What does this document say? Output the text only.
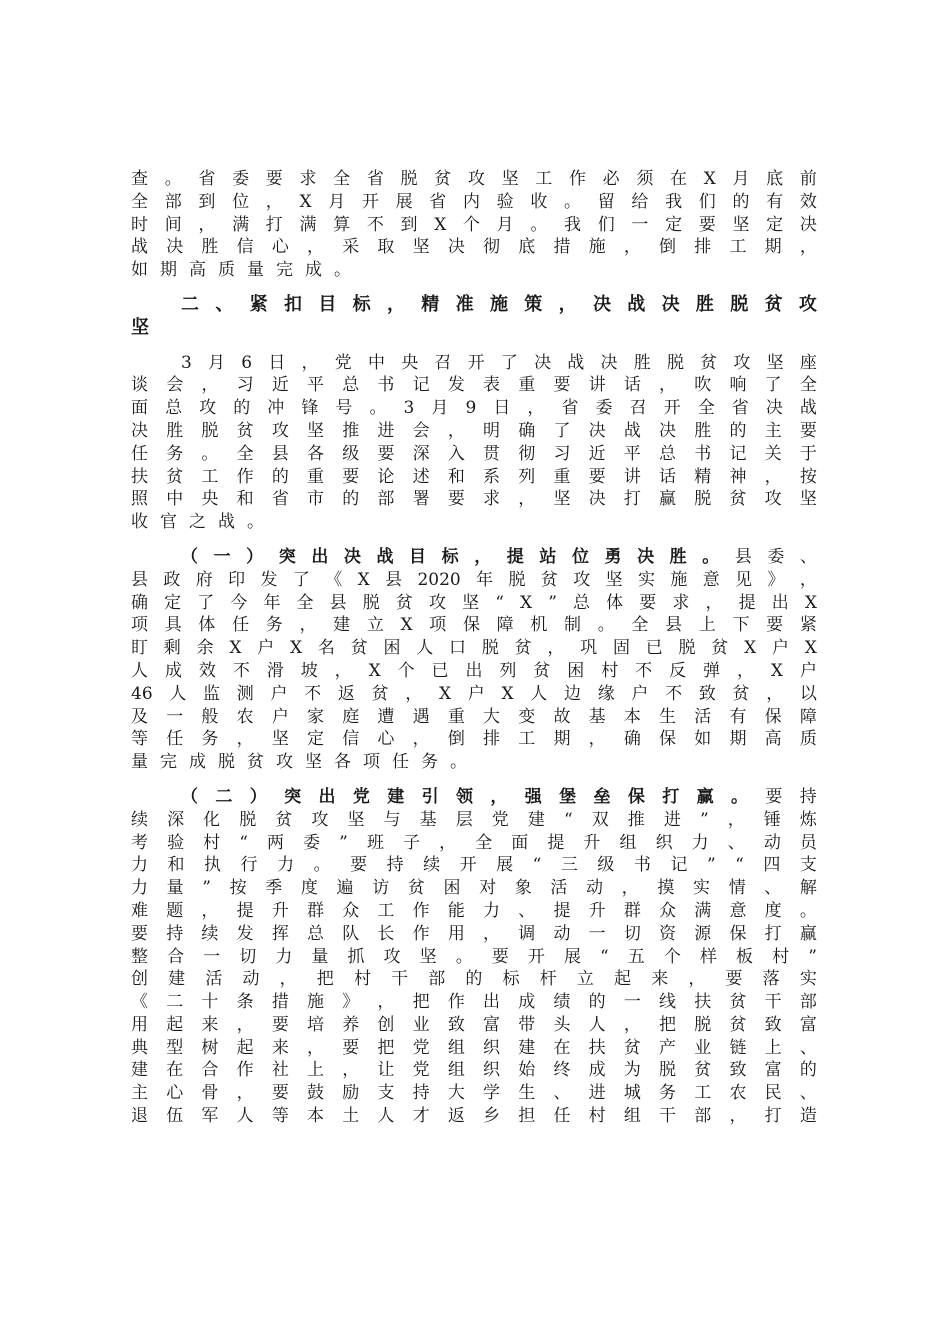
查 。 省 委 要 求 全 省 脱 贫 攻 坚 工 作 必 须 在 X 月 底 前
全 部 到 位 ， X 月 开 展 省 内 验 收 。 留 给 我 们 的 有 效
时 间 ， 满 打 满 算 不 到 X 个 月 。 我 们 一 定 要 坚 定 决
战 决 胜 信 心 ， 采 取 坚 决 彻 底 措 施 ， 倒 排 工 期 ，
如 期 高 质 量 完 成 。
二 、 紧 扣 目 标 ， 精 准 施 策 ， 决 战 决 胜 脱 贫 攻
坚
3 月 6 日 ， 党 中 央 召 开 了 决 战 决 胜 脱 贫 攻 坚 座
谈 会 ， 习 近 平 总 书 记 发 表 重 要 讲 话 ， 吹 响 了 全
面 总 攻 的 冲 锋 号 。 3 月 9 日 ， 省 委 召 开 全 省 决 战
决 胜 脱 贫 攻 坚 推 进 会 ， 明 确 了 决 战 决 胜 的 主 要
任 务 。 全 县 各 级 要 深 入 贯 彻 习 近 平 总 书 记 关 于
扶 贫 工 作 的 重 要 论 述 和 系 列 重 要 讲 话 精 神 ， 按
照 中 央 和 省 市 的 部 署 要 求 ， 坚 决 打 赢 脱 贫 攻 坚
收 官 之 战 。
（ 一 ） 突 出 决 战 目 标 ， 提 站 位 勇 决 胜 。 县 委 、
县 政 府 印 发 了 《 X 县 2020 年 脱 贫 攻 坚 实 施 意 见 》 ，
确 定 了 今 年 全 县 脱 贫 攻 坚 “ X ” 总 体 要 求 ， 提 出 X
项 具 体 任 务 ， 建 立 X 项 保 障 机 制 。 全 县 上 下 要 紧
盯 剩 余 X 户 X 名 贫 困 人 口 脱 贫 ， 巩 固 已 脱 贫 X 户 X
人 成 效 不 滑 坡 ， X 个 已 出 列 贫 困 村 不 反 弹 ， X 户
46 人 监 测 户 不 返 贫 ， X 户 X 人 边 缘 户 不 致 贫 ， 以
及 一 般 农 户 家 庭 遭 遇 重 大 变 故 基 本 生 活 有 保 障
等 任 务 ， 坚 定 信 心 ， 倒 排 工 期 ， 确 保 如 期 高 质
量 完 成 脱 贫 攻 坚 各 项 任 务 。
（ 二 ） 突 出 党 建 引 领 ， 强 堡 垒 保 打 赢 。 要 持
续 深 化 脱 贫 攻 坚 与 基 层 党 建 “ 双 推 进 ” ， 锤 炼
考 验 村 “ 两 委 ” 班 子 ， 全 面 提 升 组 织 力 、 动 员
力 和 执 行 力 。 要 持 续 开 展 “ 三 级 书 记 ” “ 四 支
力 量 ” 按 季 度 遍 访 贫 困 对 象 活 动 ， 摸 实 情 、 解
难 题 ， 提 升 群 众 工 作 能 力 、 提 升 群 众 满 意 度 。
要 持 续 发 挥 总 队 长 作 用 ， 调 动 一 切 资 源 保 打 赢
整 合 一 切 力 量 抓 攻 坚 。 要 开 展 “ 五 个 样 板 村 ”
创 建 活 动 ， 把 村 干 部 的 标 杆 立 起 来 ， 要 落 实
《 二 十 条 措 施 》 ， 把 作 出 成 绩 的 一 线 扶 贫 干 部
用 起 来 ， 要 培 养 创 业 致 富 带 头 人 ， 把 脱 贫 致 富
典 型 树 起 来 ， 要 把 党 组 织 建 在 扶 贫 产 业 链 上 、
建 在 合 作 社 上 ， 让 党 组 织 始 终 成 为 脱 贫 致 富 的
主 心 骨 ， 要 鼓 励 支 持 大 学 生 、 进 城 务 工 农 民 、
退 伍 军 人 等 本 土 人 才 返 乡 担 任 村 组 干 部 ， 打 造
